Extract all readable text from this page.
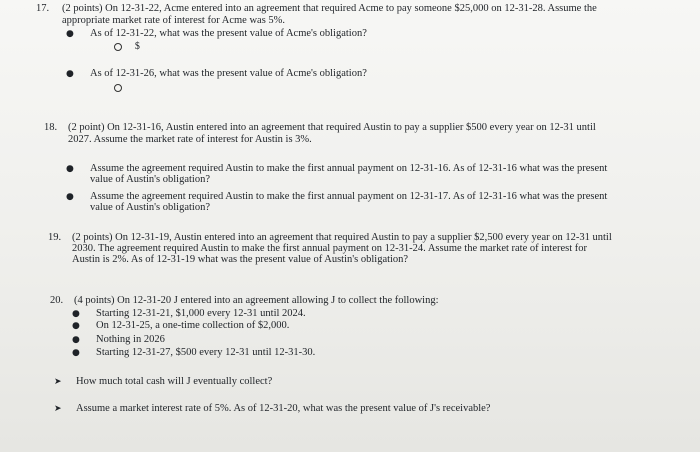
17. (2 points) On 12-31-22, Acme entered into an agreement that required Acme to pay someone $25,000 on 12-31-28. Assume the
appropriate market rate of interest for Acme was 5%.
● As of 12-31-22, what was the present value of Acme's obligation?
$
● As of 12-31-26, what was the present value of Acme's obligation?
18. (2 point) On 12-31-16, Austin entered into an agreement that required Austin to pay a supplier $500 every year on 12-31 until
2027. Assume the market rate of interest for Austin is 3%.
● Assume the agreement required Austin to make the first annual payment on 12-31-16. As of 12-31-16 what was the present
value of Austin's obligation?
● Assume the agreement required Austin to make the first annual payment on 12-31-17. As of 12-31-16 what was the present
value of Austin's obligation?
19. (2 points) On 12-31-19, Austin entered into an agreement that required Austin to pay a supplier $2,500 every year on 12-31 until
2030. The agreement required Austin to make the first annual payment on 12-31-24. Assume the market rate of interest for
Austin is 2%. As of 12-31-19 what was the present value of Austin's obligation?
20. (4 points) On 12-31-20 J entered into an agreement allowing J to collect the following:
● Starting 12-31-21, $1,000 every 12-31 until 2024.
● On 12-31-25, a one-time collection of $2,000.
● Nothing in 2026
● Starting 12-31-27, $500 every 12-31 until 12-31-30.
➤ How much total cash will J eventually collect?
➤ Assume a market interest rate of 5%. As of 12-31-20, what was the present value of J's receivable?
